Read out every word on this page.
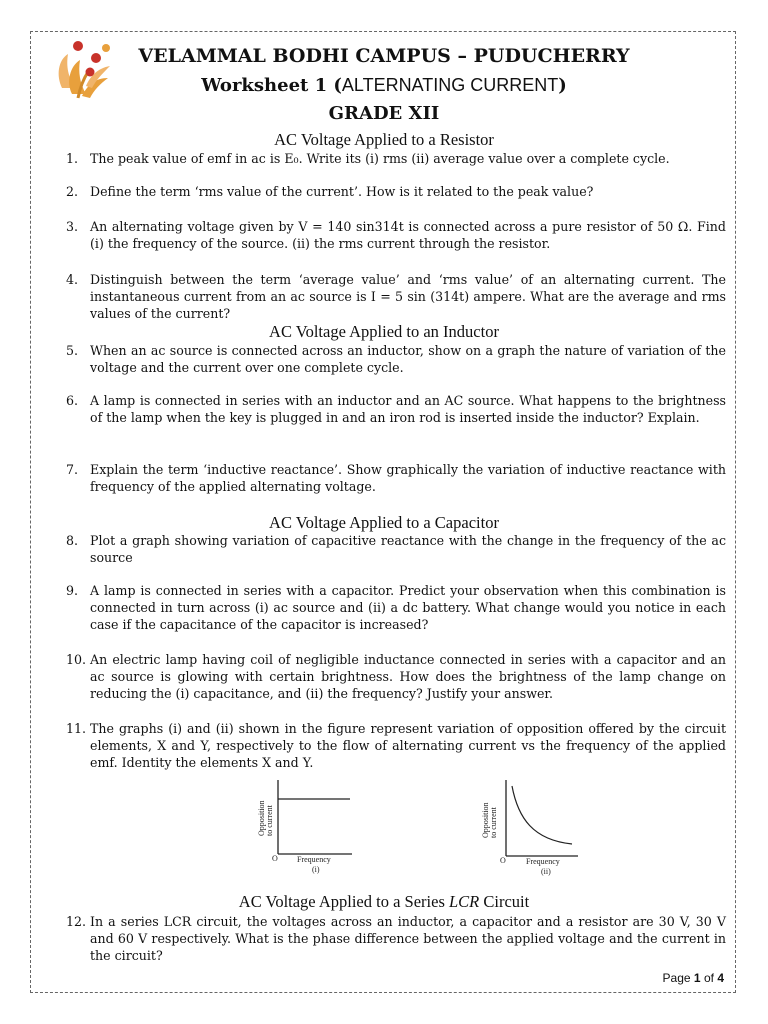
VELAMMAL BODHI CAMPUS – PUDUCHERRY
Worksheet 1 (ALTERNATING CURRENT)
GRADE XII
AC Voltage Applied to a Resistor
1. The peak value of emf in ac is E₀. Write its (i) rms (ii) average value over a complete cycle.
2. Define the term ‘rms value of the current’. How is it related to the peak value?
3. An alternating voltage given by V = 140 sin314t is connected across a pure resistor of 50 Ω. Find (i) the frequency of the source. (ii) the rms current through the resistor.
4. Distinguish between the term ‘average value’ and ‘rms value’ of an alternating current. The instantaneous current from an ac source is I = 5 sin (314t) ampere. What are the average and rms values of the current?
AC Voltage Applied to an Inductor
5. When an ac source is connected across an inductor, show on a graph the nature of variation of the voltage and the current over one complete cycle.
6. A lamp is connected in series with an inductor and an AC source. What happens to the brightness of the lamp when the key is plugged in and an iron rod is inserted inside the inductor? Explain.
7. Explain the term ‘inductive reactance’. Show graphically the variation of inductive reactance with frequency of the applied alternating voltage.
AC Voltage Applied to a Capacitor
8. Plot a graph showing variation of capacitive reactance with the change in the frequency of the ac source
9. A lamp is connected in series with a capacitor. Predict your observation when this combination is connected in turn across (i) ac source and (ii) a dc battery. What change would you notice in each case if the capacitance of the capacitor is increased?
10. An electric lamp having coil of negligible inductance connected in series with a capacitor and an ac source is glowing with certain brightness. How does the brightness of the lamp change on reducing the (i) capacitance, and (ii) the frequency? Justify your answer.
11. The graphs (i) and (ii) shown in the figure represent variation of opposition offered by the circuit elements, X and Y, respectively to the flow of alternating current vs the frequency of the applied emf. Identity the elements X and Y.
Opposition to current
O Frequency
(i)
Opposition to current
O	Frequency
(ii)
AC Voltage Applied to a Series LCR Circuit
12. In a series LCR circuit, the voltages across an inductor, a capacitor and a resistor are 30 V, 30 V and 60 V respectively. What is the phase difference between the applied voltage and the current in the circuit?
Page 1 of 4
